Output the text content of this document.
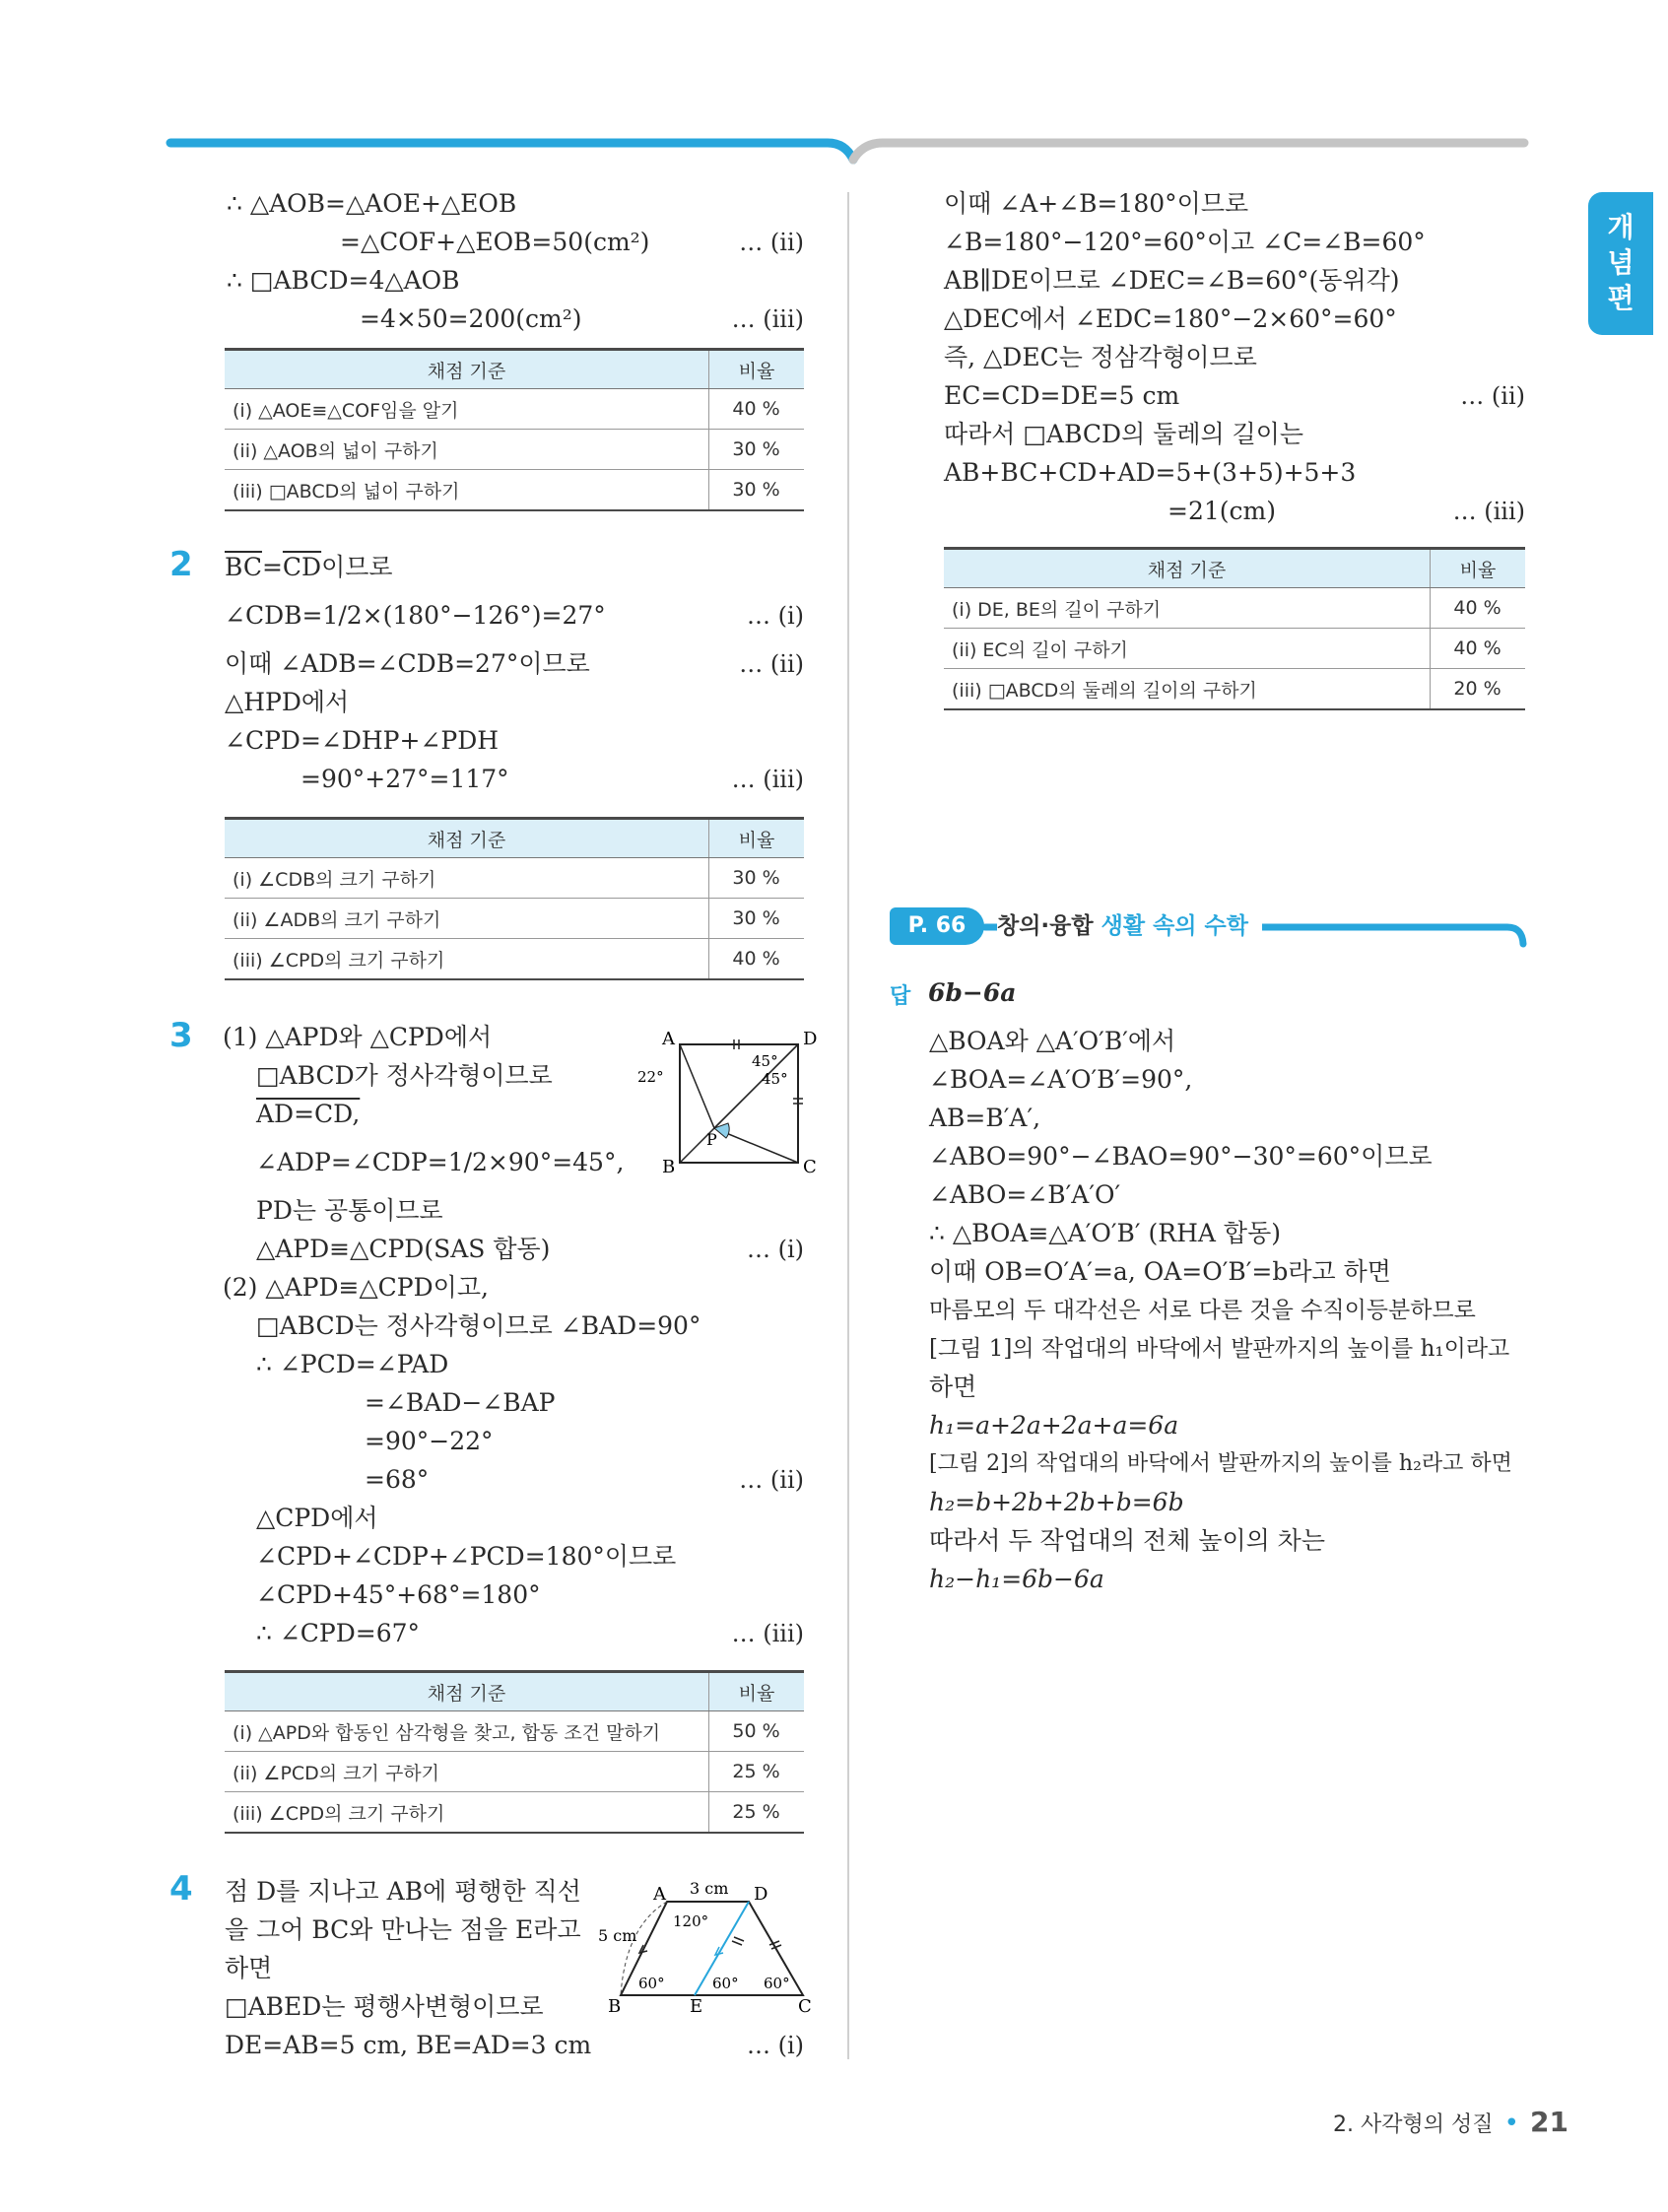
개
념
편
∴ △AOB=△AOE+△EOB
=△COF+△EOB=50(cm²)	… (ii)
∴ □ABCD=4△AOB
=4×50=200(cm²)	… (iii)
채점 기준	비율
(i) △AOE≡△COF임을 알기	40 %
(ii) △AOB의 넓이 구하기	30 %
(iii) □ABCD의 넓이 구하기	30 %
2 $\overline{BC}=\overline{CD}$이므로
∠CDB=1/2×(180°−126°)=27°	… (i)
이때 ∠ADB=∠CDB=27°이므로	… (ii)
△HPD에서
∠CPD=∠DHP+∠PDH
=90°+27°=117°	… (iii)
채점 기준	비율
(i) ∠CDB의 크기 구하기	30 %
(ii) ∠ADB의 크기 구하기	30 %
(iii) ∠CPD의 크기 구하기	40 %
3 (1) △APD와 △CPD에서
□ABCD가 정사각형이므로
AD=CD,
∠ADP=∠CDP=1/2×90°=45°,
PD는 공통이므로
△APD≡△CPD(SAS 합동)	… (i)
(2) △APD≡△CPD이고,
□ABCD는 정사각형이므로 ∠BAD=90°
∴ ∠PCD=∠PAD
=∠BAD−∠BAP
=90°−22°
=68°	… (ii)
△CPD에서
∠CPD+∠CDP+∠PCD=180°이므로
∠CPD+45°+68°=180°
∴ ∠CPD=67°	… (iii)
A	D
B	C
P
22°
45°
45°
채점 기준	비율
(i) △APD와 합동인 삼각형을 찾고, 합동 조건 말하기	50 %
(ii) ∠PCD의 크기 구하기	25 %
(iii) ∠CPD의 크기 구하기	25 %
4 점 D를 지나고 AB에 평행한 직선
을 그어 BC와 만나는 점을 E라고
하면
□ABED는 평행사변형이므로
DE=AB=5 cm, BE=AD=3 cm	… (i)
A	D
B	E	C
3 cm
5 cm
120°
60°	60° 60°
이때 ∠A+∠B=180°이므로
∠B=180°−120°=60°이고 ∠C=∠B=60°
AB∥DE이므로 ∠DEC=∠B=60°(동위각)
△DEC에서 ∠EDC=180°−2×60°=60°
즉, △DEC는 정삼각형이므로
EC=CD=DE=5 cm	… (ii)
따라서 □ABCD의 둘레의 길이는
AB+BC+CD+AD=5+(3+5)+5+3
=21(cm)	… (iii)
채점 기준	비율
(i) DE, BE의 길이 구하기	40 %
(ii) EC의 길이 구하기	40 %
(iii) □ABCD의 둘레의 길이의 구하기	20 %
P. 66	창의·융합 생활 속의 수학
답 6b−6a
△BOA와 △A′O′B′에서
∠BOA=∠A′O′B′=90°,
AB=B′A′,
∠ABO=90°−∠BAO=90°−30°=60°이므로
∠ABO=∠B′A′O′
∴ △BOA≡△A′O′B′ (RHA 합동)
이때 OB=O′A′=a, OA=O′B′=b라고 하면
마름모의 두 대각선은 서로 다른 것을 수직이등분하므로
[그림 1]의 작업대의 바닥에서 발판까지의 높이를 h₁이라고
하면
h₁=a+2a+2a+a=6a
[그림 2]의 작업대의 바닥에서 발판까지의 높이를 h₂라고 하면
h₂=b+2b+2b+b=6b
따라서 두 작업대의 전체 높이의 차는
h₂−h₁=6b−6a
2. 사각형의 성질 • 21
